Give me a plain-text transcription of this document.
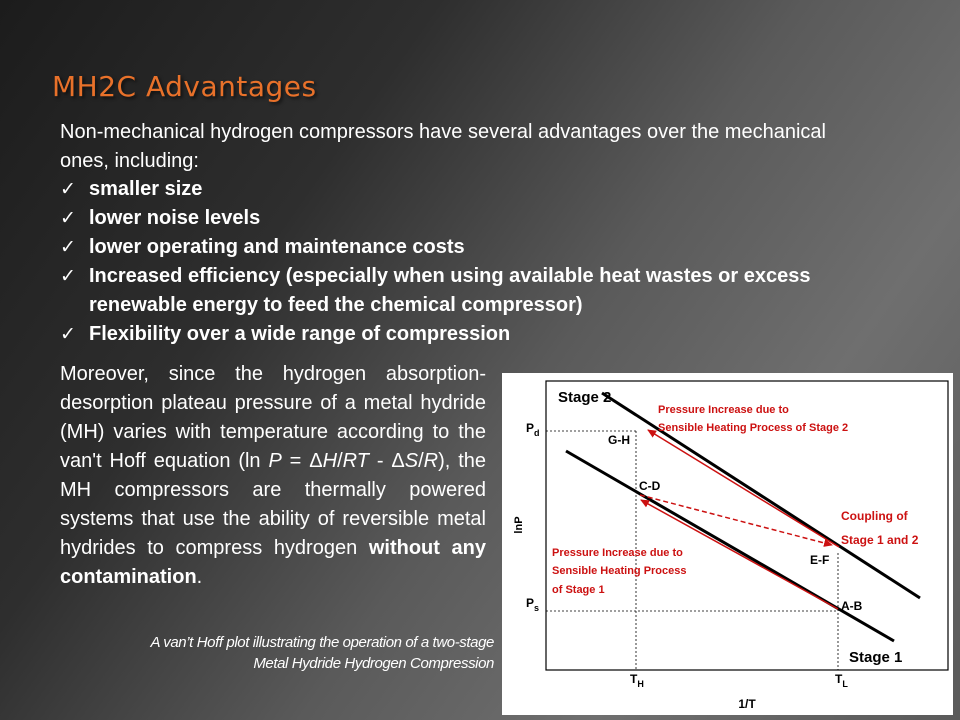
MH2C Advantages
Non-mechanical hydrogen compressors have several advantages over the mechanical ones, including:
✓ smaller size
✓ lower noise levels
✓ lower operating and maintenance costs
✓ Increased efficiency (especially when using available heat wastes or excess renewable energy to feed the chemical compressor)
✓ Flexibility over a wide range of compression
Moreover, since the hydrogen absorption-desorption plateau pressure of a metal hydride (MH) varies with temperature according to the van't Hoff equation (ln P = ΔH/RT - ΔS/R), the MH compressors are thermally powered systems that use the ability of reversible metal hydrides to compress hydrogen without any contamination.
A van’t Hoff plot illustrating the operation of a two-stage
Metal Hydride Hydrogen Compression
lnP
1/T
$P_d$
$P_s$
$T_H$	$T_L$
Stage 2
Stage 1
G-H
C-D
E-F
A-B
Pressure Increase due to
Sensible Heating Process of Stage 2
Pressure Increase due to
Sensible Heating Process
of Stage 1
Coupling of
Stage 1 and 2
